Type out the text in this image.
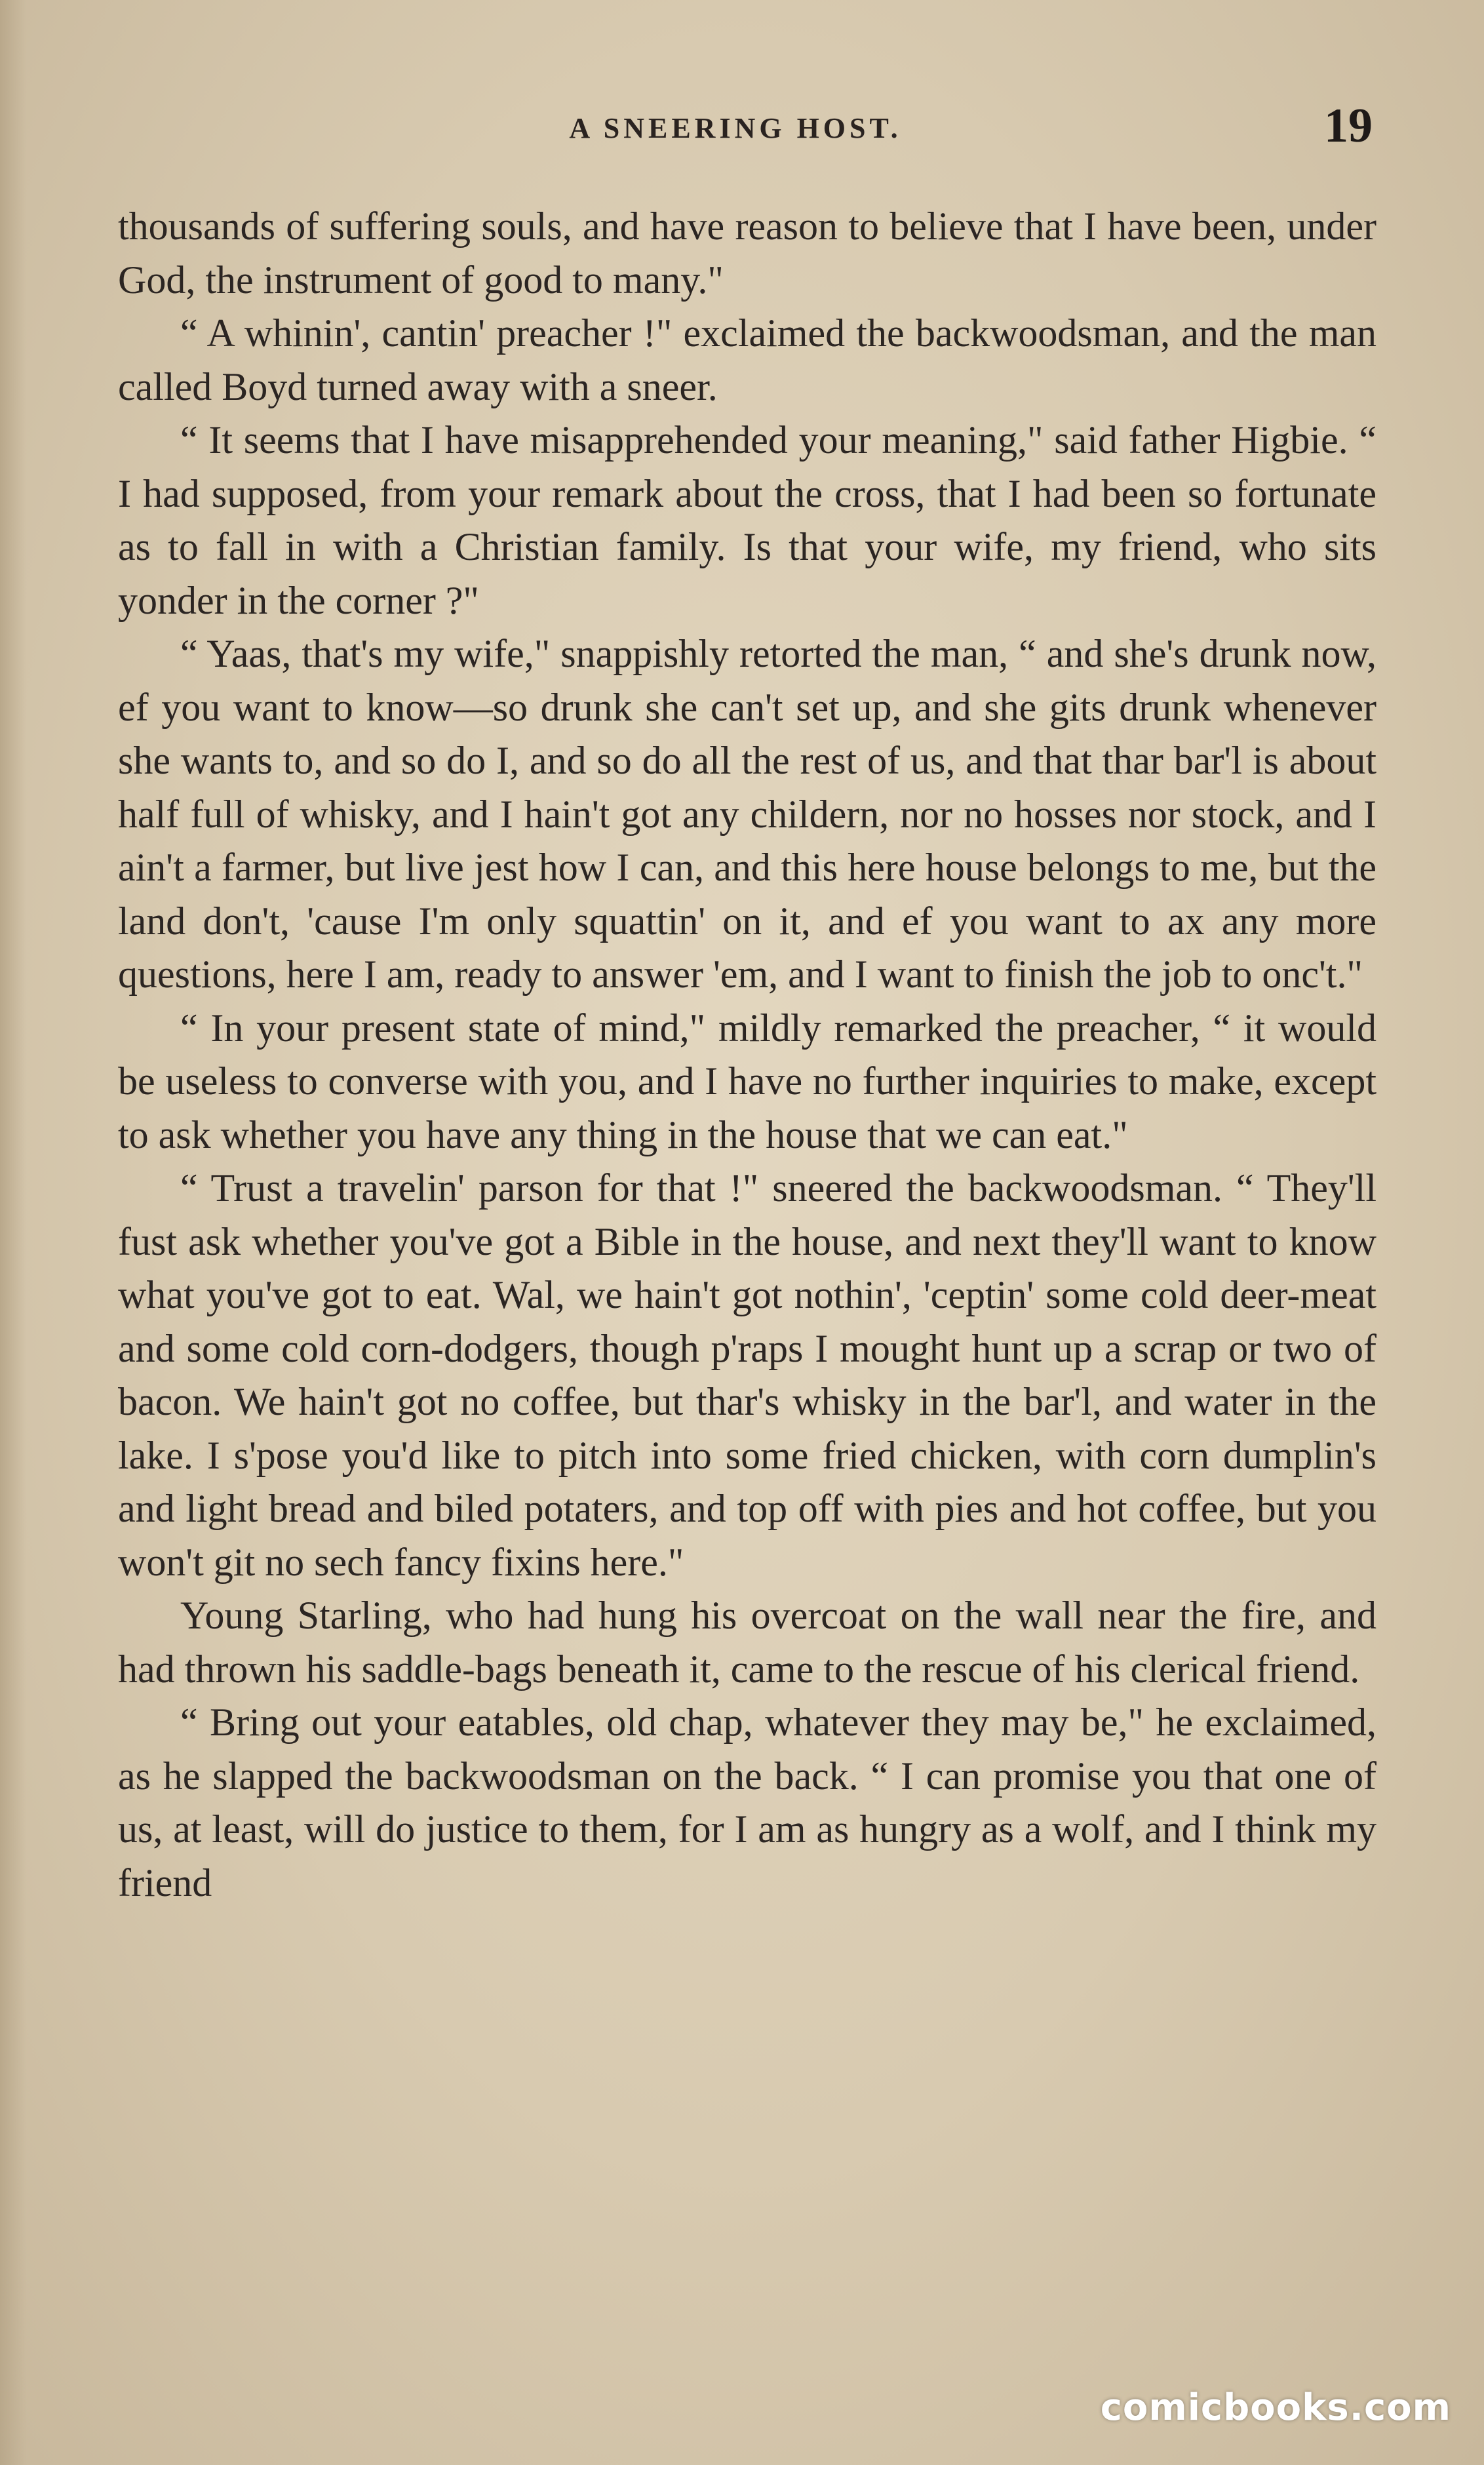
A SNEERING HOST.	19

thousands of suffering souls, and have reason to believe that I have been, under God, the instrument of good to many."

“ A whinin', cantin' preacher !" exclaimed the backwoodsman, and the man called Boyd turned away with a sneer.

“ It seems that I have misapprehended your meaning," said father Higbie. “ I had supposed, from your remark about the cross, that I had been so fortunate as to fall in with a Christian family. Is that your wife, my friend, who sits yonder in the corner ?"

“ Yaas, that's my wife," snappishly retorted the man, “ and she's drunk now, ef you want to know—so drunk she can't set up, and she gits drunk whenever she wants to, and so do I, and so do all the rest of us, and that thar bar'l is about half full of whisky, and I hain't got any childern, nor no hosses nor stock, and I ain't a farmer, but live jest how I can, and this here house belongs to me, but the land don't, 'cause I'm only squattin' on it, and ef you want to ax any more questions, here I am, ready to answer 'em, and I want to finish the job to onc't."

“ In your present state of mind," mildly remarked the preacher, “ it would be useless to converse with you, and I have no further inquiries to make, except to ask whether you have any thing in the house that we can eat."

“ Trust a travelin' parson for that !" sneered the backwoodsman. “ They'll fust ask whether you've got a Bible in the house, and next they'll want to know what you've got to eat. Wal, we hain't got nothin', 'ceptin' some cold deer-meat and some cold corn-dodgers, though p'raps I mought hunt up a scrap or two of bacon. We hain't got no coffee, but thar's whisky in the bar'l, and water in the lake. I s'pose you'd like to pitch into some fried chicken, with corn dumplin's and light bread and biled potaters, and top off with pies and hot coffee, but you won't git no sech fancy fixins here."

Young Starling, who had hung his overcoat on the wall near the fire, and had thrown his saddle-bags beneath it, came to the rescue of his clerical friend.

“ Bring out your eatables, old chap, whatever they may be," he exclaimed, as he slapped the backwoodsman on the back. “ I can promise you that one of us, at least, will do justice to them, for I am as hungry as a wolf, and I think my friend

comicbooks.com
